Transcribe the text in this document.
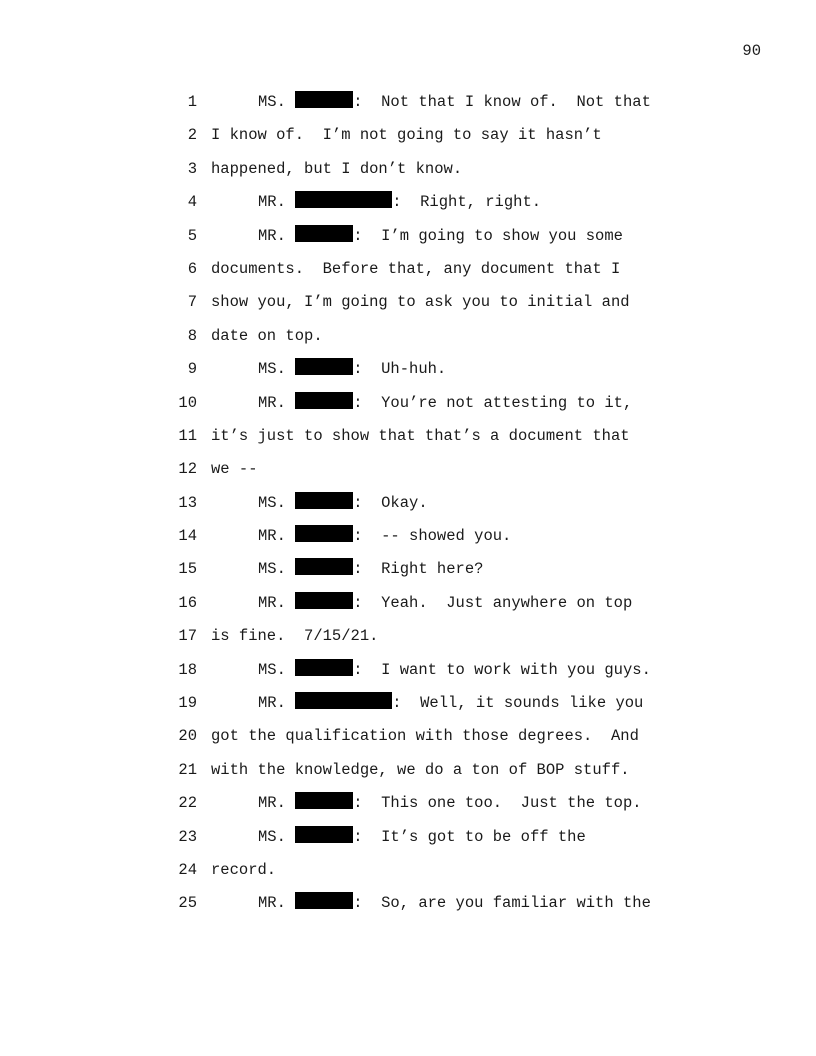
90
1	MS.	:  Not that I know of.  Not that
2 I know of.  I’m not going to say it hasn’t
3 happened, but I don’t know.
4	MR.	:  Right, right.
5	MR.	:  I’m going to show you some
6 documents.  Before that, any document that I
7 show you, I’m going to ask you to initial and
8 date on top.
9	MS.	:  Uh-huh.
10	MR.	:  You’re not attesting to it,
11 it’s just to show that that’s a document that
12 we --
13	MS.	:  Okay.
14	MR.	:  -- showed you.
15	MS.	:  Right here?
16	MR.	:  Yeah.  Just anywhere on top
17 is fine.  7/15/21.
18	MS.	:  I want to work with you guys.
19	MR.	:  Well, it sounds like you
20 got the qualification with those degrees.  And
21 with the knowledge, we do a ton of BOP stuff.
22	MR.	:  This one too.  Just the top.
23	MS.	:  It’s got to be off the
24 record.
25	MR.	:  So, are you familiar with the
